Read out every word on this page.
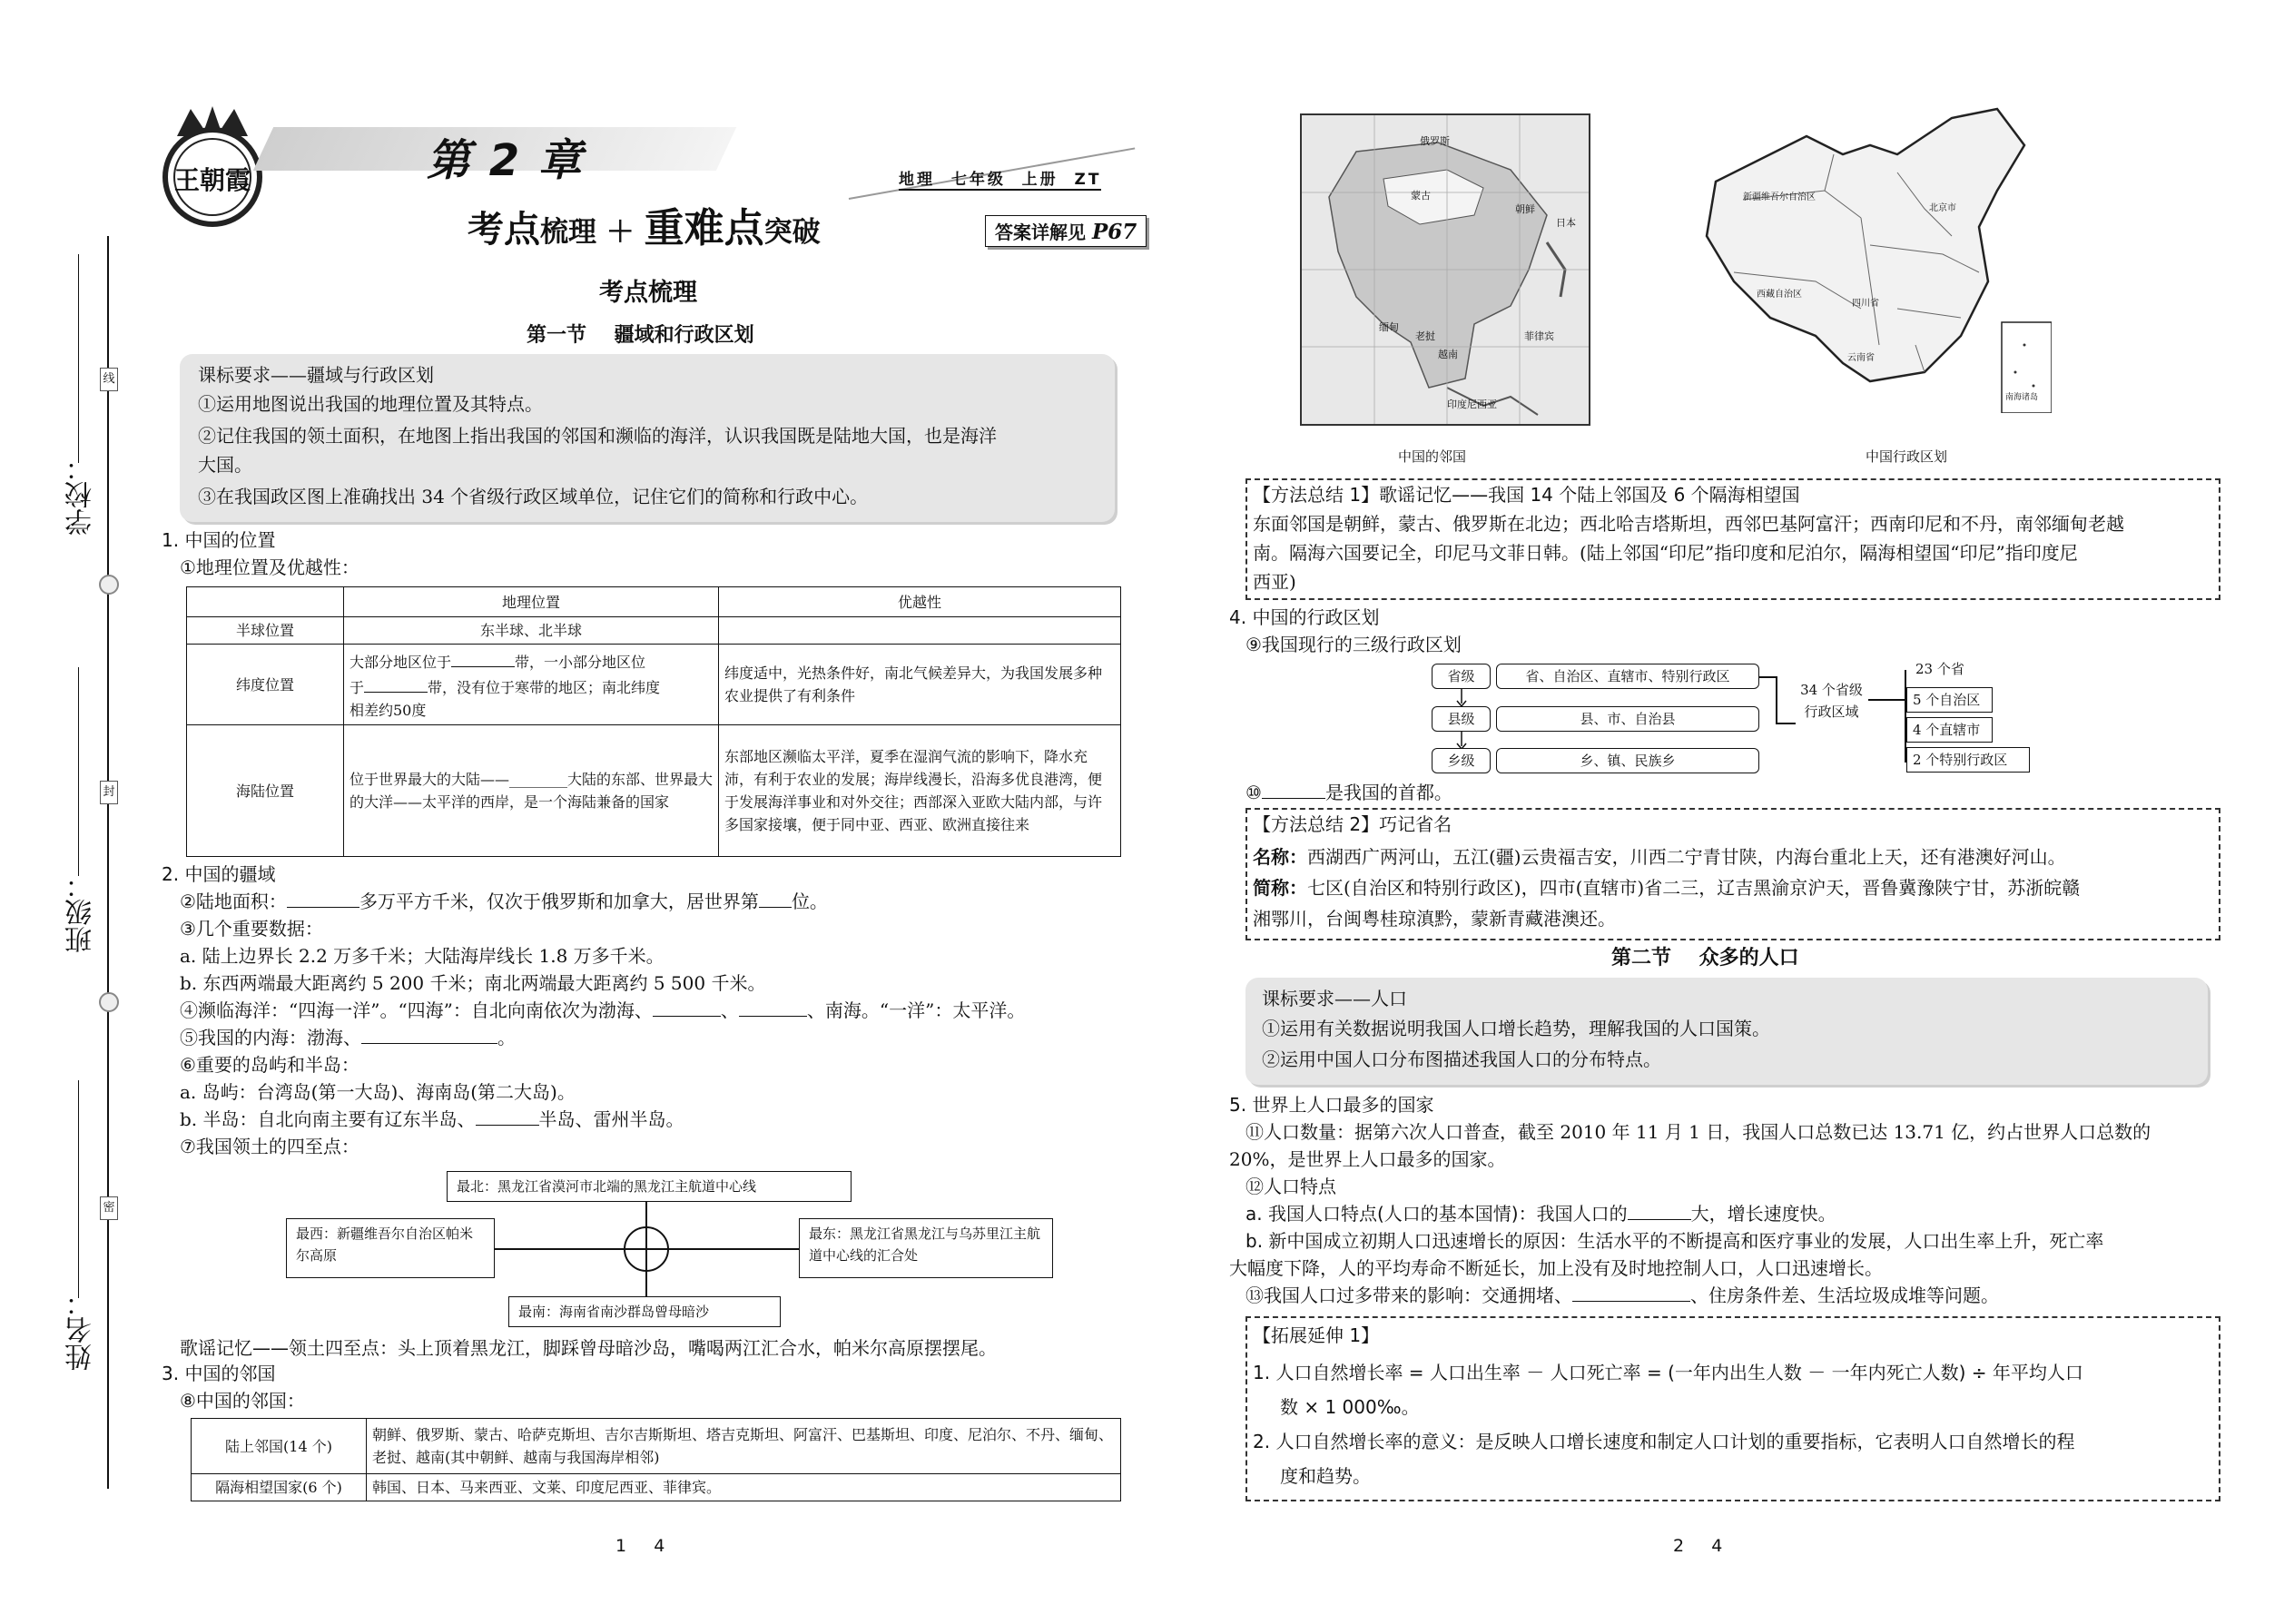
学校：
班级：
姓名：
线
封
密
王朝霞	第 2 章
考点梳理 ＋ 重难点突破
地理  七年级  上册  ZT
答案详解见 P67
考点梳理
第一节    疆域和行政区划
课标要求——疆域与行政区划
①运用地图说出我国的地理位置及其特点。
②记住我国的领土面积，在地图上指出我国的邻国和濒临的海洋，认识我国既是陆地大国，也是海洋
大国。
③在我国政区图上准确找出 34 个省级行政区域单位，记住它们的简称和行政中心。
1. 中国的位置
①地理位置及优越性：
	地理位置	优越性
半球位置	东半球、北半球	
纬度位置	大部分地区位于 带，一小部分地区位
于 带，没有位于寒带的地区；南北纬度
相差约50度	纬度适中，光热条件好，南北气候差异大，为我国发展多种农业提供了有利条件
海陆位置	位于世界最大的大陆——________大陆的东部、世界最大的大洋——太平洋的西岸，是一个海陆兼备的国家	东部地区濒临太平洋，夏季在湿润气流的影响下，降水充沛，有利于农业的发展；海岸线漫长，沿海多优良港湾，便于发展海洋事业和对外交往；西部深入亚欧大陆内部，与许多国家接壤，便于同中亚、西亚、欧洲直接往来
2. 中国的疆域
②陆地面积：	多万平方千米，仅次于俄罗斯和加拿大，居世界第 位。
③几个重要数据：
a. 陆上边界长 2.2 万多千米；大陆海岸线长 1.8 万多千米。
b. 东西两端最大距离约 5 200 千米；南北两端最大距离约 5 500 千米。
④濒临海洋：“四海一洋”。“四海”：自北向南依次为渤海、	、	、南海。“一洋”：太平洋。
⑤我国的内海：渤海、	。
⑥重要的岛屿和半岛：
a. 岛屿：台湾岛(第一大岛)、海南岛(第二大岛)。
b. 半岛：自北向南主要有辽东半岛、	半岛、雷州半岛。
⑦我国领土的四至点：
最北：黑龙江省漠河市北端的黑龙江主航道中心线
最西：新疆维吾尔自治区帕米尔高原
最东：黑龙江省黑龙江与乌苏里江主航道中心线的汇合处
最南：海南省南沙群岛曾母暗沙
歌谣记忆——领土四至点：头上顶着黑龙江，脚踩曾母暗沙岛，嘴喝两江汇合水，帕米尔高原摆摆尾。
3. 中国的邻国
⑧中国的邻国：
陆上邻国(14 个)	朝鲜、俄罗斯、蒙古、哈萨克斯坦、吉尔吉斯斯坦、塔吉克斯坦、阿富汗、巴基斯坦、印度、尼泊尔、不丹、缅甸、老挝、越南(其中朝鲜、越南与我国海岸相邻)
隔海相望国家(6 个)	韩国、日本、马来西亚、文莱、印度尼西亚、菲律宾。
1     4
俄罗斯
蒙古
朝鲜
日本
缅甸
老挝
越南
菲律宾
印度尼西亚
中国的邻国
新疆维吾尔自治区
西藏自治区
四川省
云南省
北京市
南海诸岛
中国行政区划
【方法总结 1】歌谣记忆——我国 14 个陆上邻国及 6 个隔海相望国
东面邻国是朝鲜，蒙古、俄罗斯在北边；西北哈吉塔斯坦，西邻巴基阿富汗；西南印尼和不丹，南邻缅甸老越
南。隔海六国要记全，印尼马文菲日韩。(陆上邻国“印尼”指印度和尼泊尔，隔海相望国“印尼”指印度尼
西亚)
4. 中国的行政区划
⑨我国现行的三级行政区划
省级	省、自治区、直辖市、特别行政区
县级	县、市、自治县
乡级	乡、镇、民族乡
34 个省级行政区域
23 个省
5 个自治区
4 个直辖市
2 个特别行政区
⑩	是我国的首都。
【方法总结 2】巧记省名
名称：西湖西广两河山，五江(疆)云贵福吉安，川西二宁青甘陕，内海台重北上天，还有港澳好河山。
简称：七区(自治区和特别行政区)，四市(直辖市)省二三，辽吉黑渝京沪天，晋鲁冀豫陕宁甘，苏浙皖赣
湘鄂川，台闽粤桂琼滇黔，蒙新青藏港澳还。
第二节    众多的人口
课标要求——人口
①运用有关数据说明我国人口增长趋势，理解我国的人口国策。
②运用中国人口分布图描述我国人口的分布特点。
5. 世界上人口最多的国家
⑪人口数量：据第六次人口普查，截至 2010 年 11 月 1 日，我国人口总数已达 13.71 亿，约占世界人口总数的
20%，是世界上人口最多的国家。
⑫人口特点
a. 我国人口特点(人口的基本国情)：我国人口的	大，增长速度快。
b. 新中国成立初期人口迅速增长的原因：生活水平的不断提高和医疗事业的发展，人口出生率上升，死亡率
大幅度下降，人的平均寿命不断延长，加上没有及时地控制人口，人口迅速增长。
⑬我国人口过多带来的影响：交通拥堵、	、住房条件差、生活垃圾成堆等问题。
【拓展延伸 1】
1. 人口自然增长率 = 人口出生率 － 人口死亡率 = (一年内出生人数 － 一年内死亡人数) ÷ 年平均人口
数 × 1 000‰。
2. 人口自然增长率的意义：是反映人口增长速度和制定人口计划的重要指标，它表明人口自然增长的程
度和趋势。
2     4
